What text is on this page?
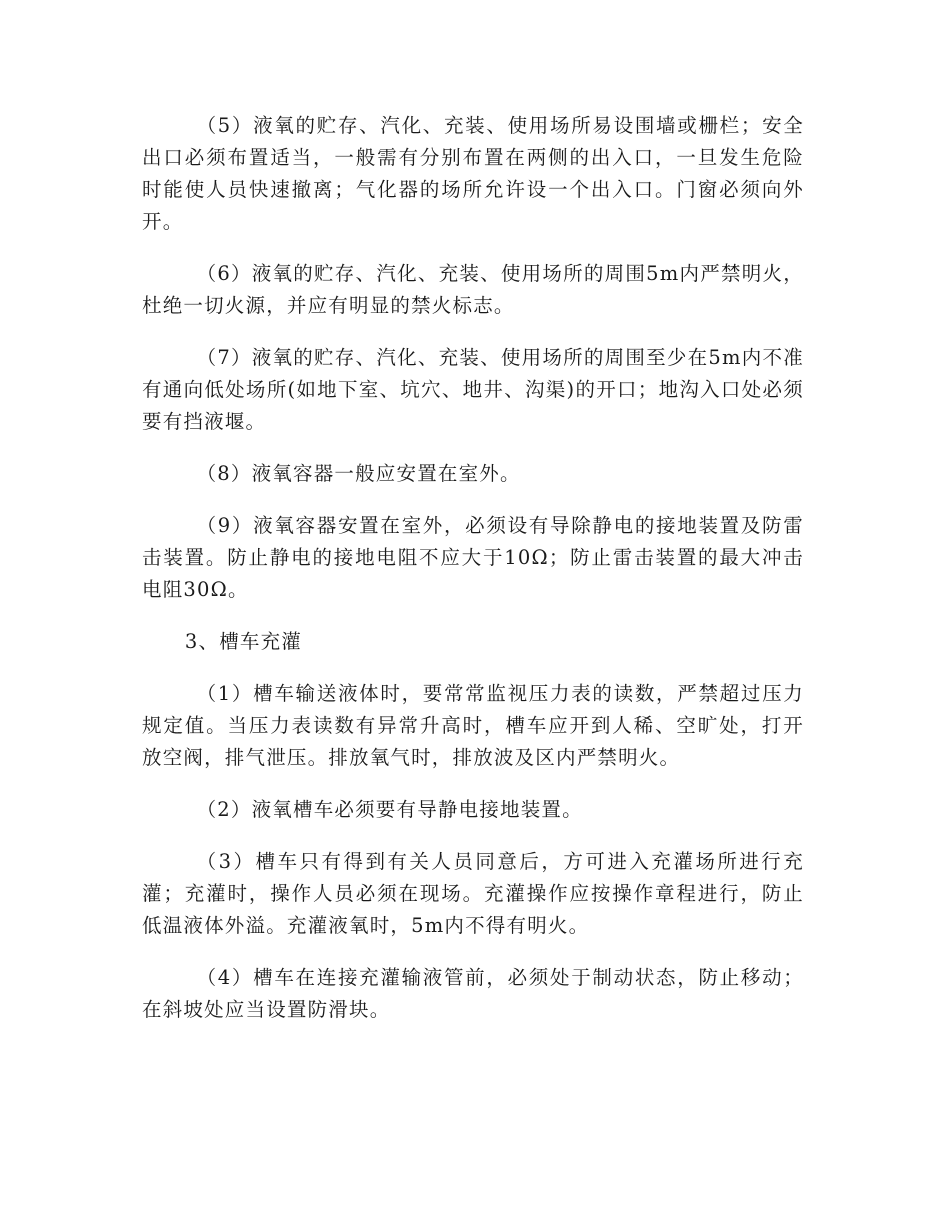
（5）液氧的贮存、汽化、充装、使用场所易设围墙或栅栏；安全出口必须布置适当，一般需有分别布置在两侧的出入口，一旦发生危险时能使人员快速撤离；气化器的场所允许设一个出入口。门窗必须向外开。

（6）液氧的贮存、汽化、充装、使用场所的周围5m内严禁明火，杜绝一切火源，并应有明显的禁火标志。

（7）液氧的贮存、汽化、充装、使用场所的周围至少在5m内不准有通向低处场所(如地下室、坑穴、地井、沟渠)的开口；地沟入口处必须要有挡液堰。

（8）液氧容器一般应安置在室外。

（9）液氧容器安置在室外，必须设有导除静电的接地装置及防雷击装置。防止静电的接地电阻不应大于10Ω；防止雷击装置的最大冲击电阻30Ω。

3、槽车充灌

（1）槽车输送液体时，要常常监视压力表的读数，严禁超过压力规定值。当压力表读数有异常升高时，槽车应开到人稀、空旷处，打开放空阀，排气泄压。排放氧气时，排放波及区内严禁明火。

（2）液氧槽车必须要有导静电接地装置。

（3）槽车只有得到有关人员同意后，方可进入充灌场所进行充灌；充灌时，操作人员必须在现场。充灌操作应按操作章程进行，防止低温液体外溢。充灌液氧时，5m内不得有明火。

（4）槽车在连接充灌输液管前，必须处于制动状态，防止移动；在斜坡处应当设置防滑块。
